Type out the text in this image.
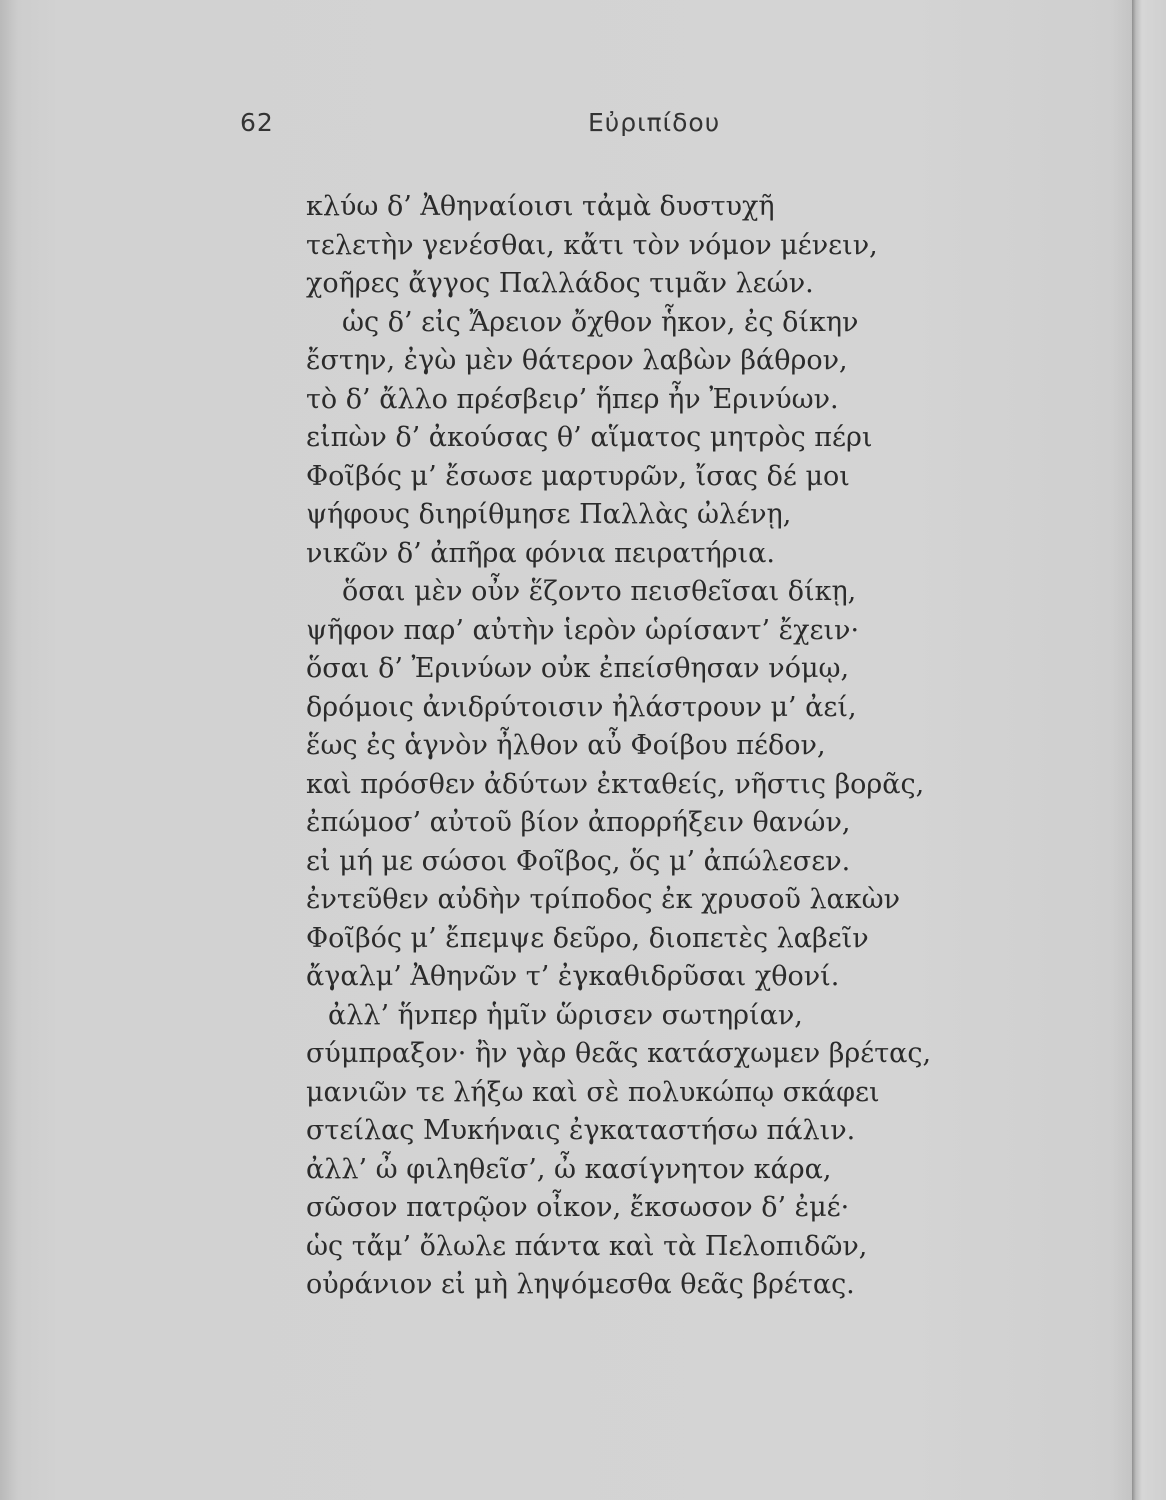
62	Εὐριπίδου
κλύω δ’ Ἀθηναίοισι τἀμὰ δυστυχῆ
τελετὴν γενέσθαι, κἄτι τὸν νόμον μένειν,
χοῆρες ἄγγος Παλλάδος τιμᾶν λεών.
ὡς δ’ εἰς Ἄρειον ὄχθον ἧκον, ἐς δίκην
ἔστην, ἐγὼ μὲν θάτερον λαβὼν βάθρον,
τὸ δ’ ἄλλο πρέσβειρ’ ἥπερ ἦν Ἐρινύων.
εἰπὼν δ’ ἀκούσας θ’ αἵματος μητρὸς πέρι
Φοῖβός μ’ ἔσωσε μαρτυρῶν, ἴσας δέ μοι
ψήφους διηρίθμησε Παλλὰς ὠλένῃ,
νικῶν δ’ ἀπῆρα φόνια πειρατήρια.
ὅσαι μὲν οὖν ἕζοντο πεισθεῖσαι δίκῃ,
ψῆφον παρ’ αὐτὴν ἱερὸν ὡρίσαντ’ ἔχειν·
ὅσαι δ’ Ἐρινύων οὐκ ἐπείσθησαν νόμῳ,
δρόμοις ἀνιδρύτοισιν ἠλάστρουν μ’ ἀεί,
ἕως ἐς ἁγνὸν ἦλθον αὖ Φοίβου πέδον,
καὶ πρόσθεν ἀδύτων ἐκταθείς, νῆστις βορᾶς,
ἐπώμοσ’ αὐτοῦ βίον ἀπορρήξειν θανών,
εἰ μή με σώσοι Φοῖβος, ὅς μ’ ἀπώλεσεν.
ἐντεῦθεν αὐδὴν τρίποδος ἐκ χρυσοῦ λακὼν
Φοῖβός μ’ ἔπεμψε δεῦρο, διοπετὲς λαβεῖν
ἄγαλμ’ Ἀθηνῶν τ’ ἐγκαθιδρῦσαι χθονί.
ἀλλ’ ἥνπερ ἡμῖν ὥρισεν σωτηρίαν,
σύμπραξον· ἢν γὰρ θεᾶς κατάσχωμεν βρέτας,
μανιῶν τε λήξω καὶ σὲ πολυκώπῳ σκάφει
στείλας Μυκήναις ἐγκαταστήσω πάλιν.
ἀλλ’ ὦ φιληθεῖσ’, ὦ κασίγνητον κάρα,
σῶσον πατρῷον οἶκον, ἔκσωσον δ’ ἐμέ·
ὡς τἄμ’ ὄλωλε πάντα καὶ τὰ Πελοπιδῶν,
οὐράνιον εἰ μὴ ληψόμεσθα θεᾶς βρέτας.
